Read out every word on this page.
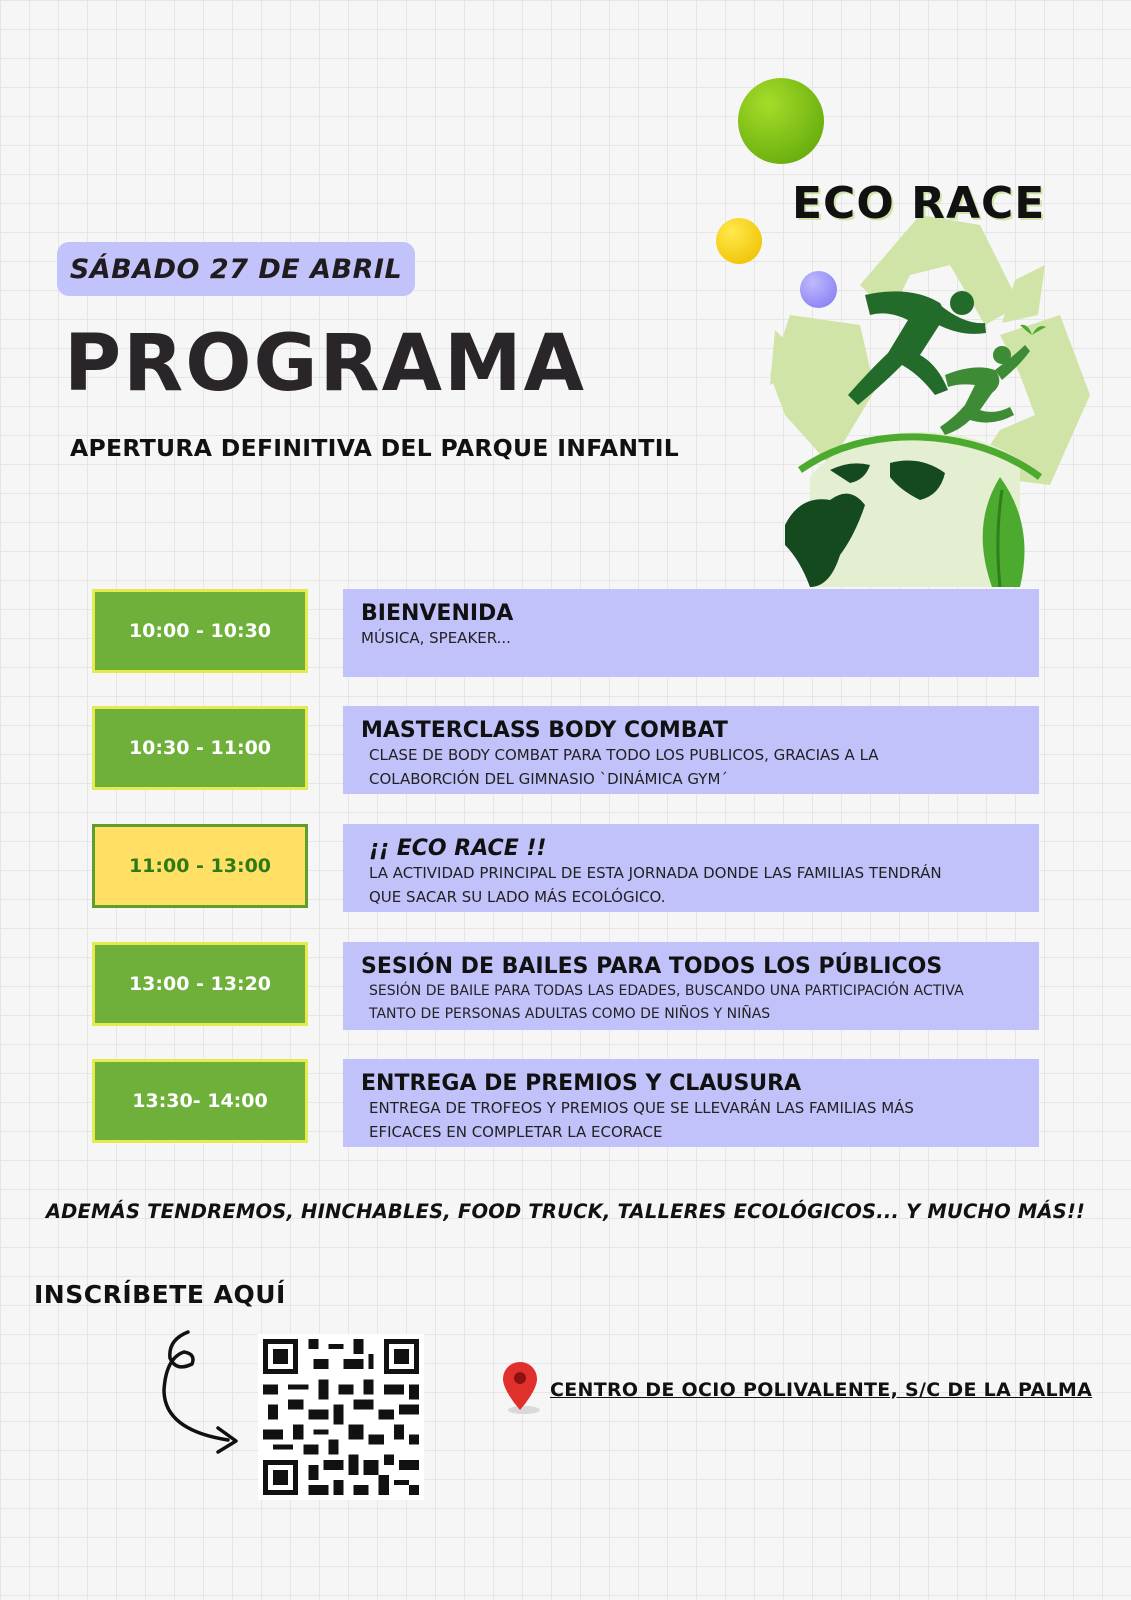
ECO RACE
SÁBADO 27 DE ABRIL
PROGRAMA
APERTURA DEFINITIVA DEL PARQUE INFANTIL
10:00 - 10:30
BIENVENIDA
MÚSICA, SPEAKER...
10:30 - 11:00
MASTERCLASS BODY COMBAT
CLASE DE BODY COMBAT PARA TODO LOS PUBLICOS, GRACIAS A LA
COLABORCIÓN DEL GIMNASIO `DINÁMICA GYM´
11:00 - 13:00
¡¡ ECO RACE !!
LA ACTIVIDAD PRINCIPAL DE ESTA JORNADA DONDE LAS FAMILIAS TENDRÁN
QUE SACAR SU LADO MÁS ECOLÓGICO.
13:00 - 13:20
SESIÓN DE BAILES PARA TODOS LOS PÚBLICOS
SESIÓN DE BAILE PARA TODAS LAS EDADES, BUSCANDO UNA PARTICIPACIÓN ACTIVA
TANTO DE PERSONAS ADULTAS COMO DE NIÑOS Y NIÑAS
13:30- 14:00
ENTREGA DE PREMIOS Y CLAUSURA
ENTREGA DE TROFEOS Y PREMIOS QUE SE LLEVARÁN LAS FAMILIAS MÁS
EFICACES EN COMPLETAR LA ECORACE
ADEMÁS TENDREMOS, HINCHABLES, FOOD TRUCK, TALLERES ECOLÓGICOS... Y MUCHO MÁS!!
INSCRÍBETE AQUÍ
CENTRO DE OCIO POLIVALENTE, S/C DE LA PALMA
